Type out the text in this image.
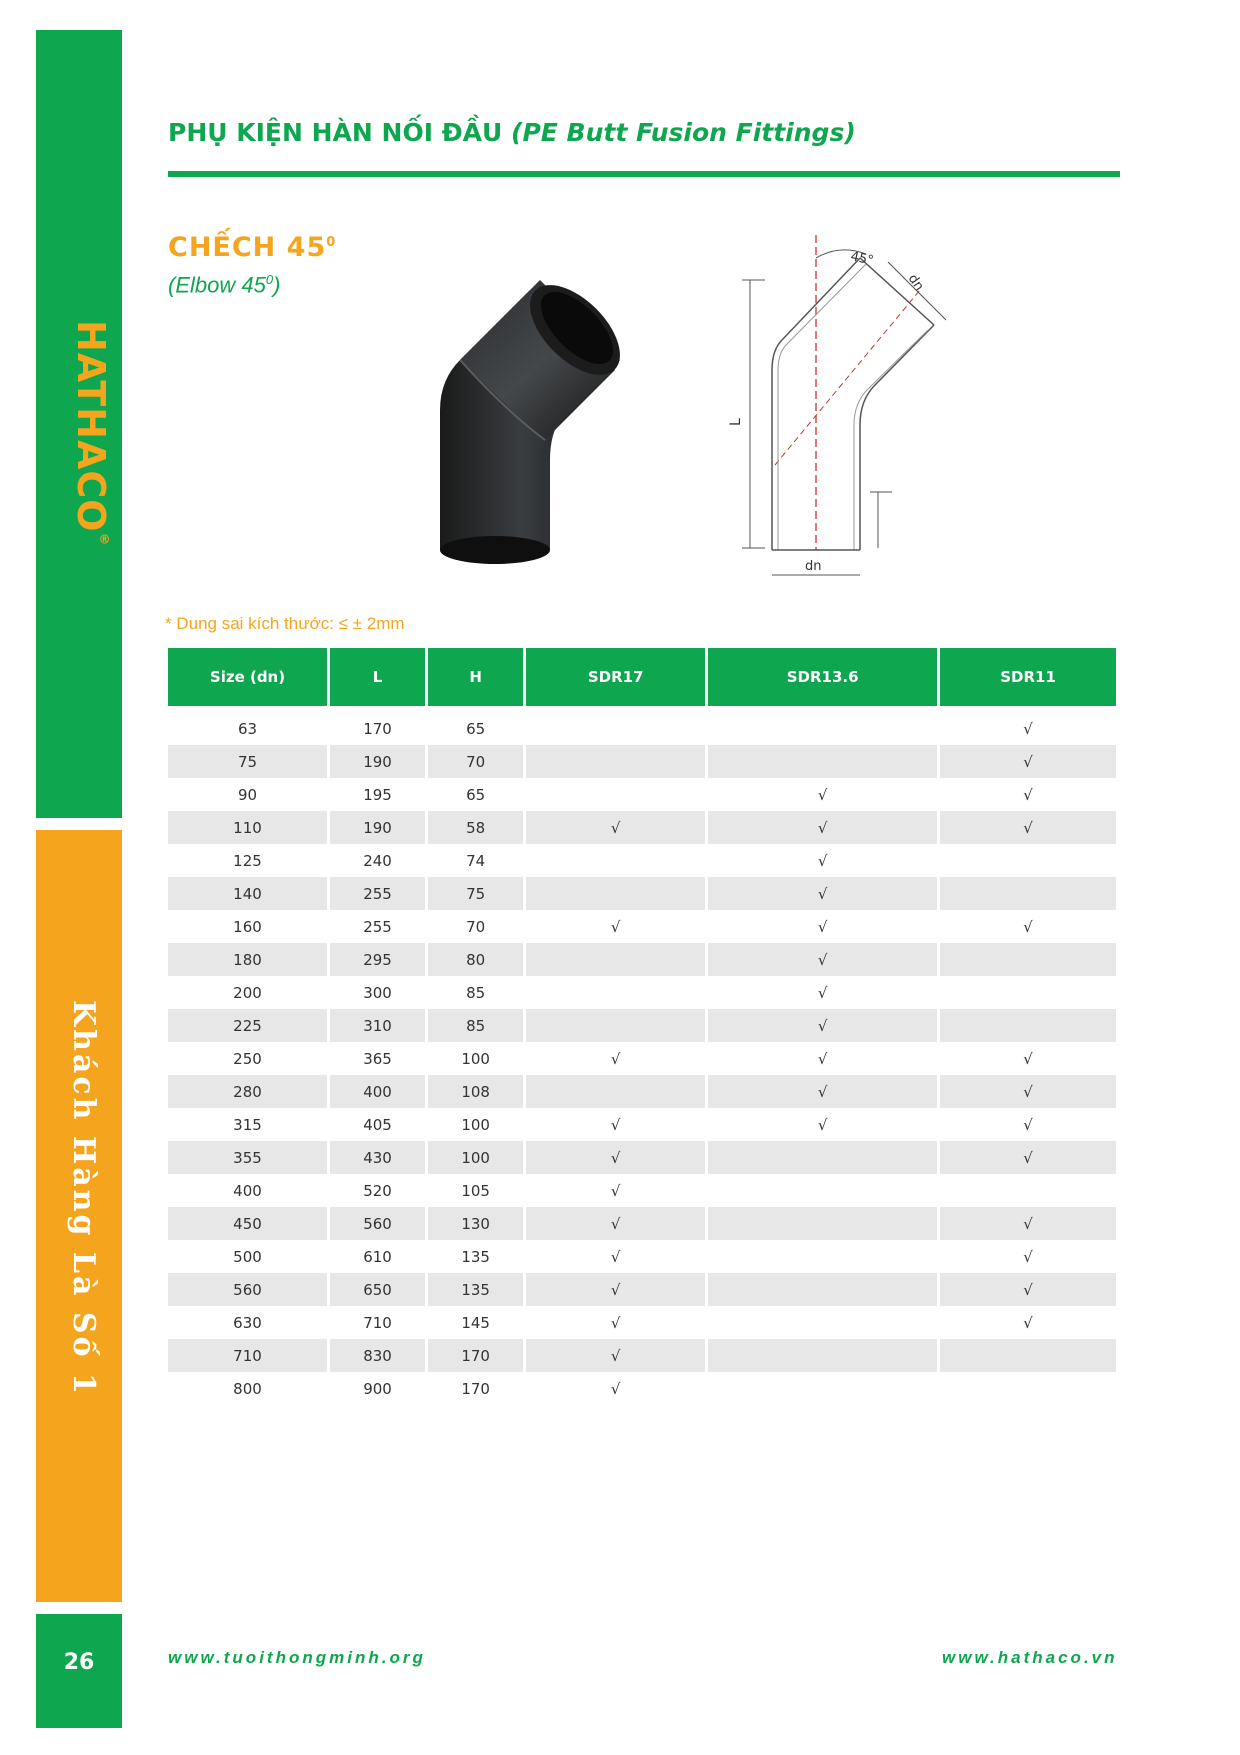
HATHACO®
Khách Hàng Là Số 1
26
PHỤ KIỆN HÀN NỐI ĐẦU (PE Butt Fusion Fittings)
CHẾCH $45^0$
(Elbow $45^0$)
L
dn
45°
dn
* Dung sai kích thước: ≤ ± 2mm
Size (dn)	L	H	SDR17	SDR13.6	SDR11

63	170	65			√
75	190	70			√
90	195	65		√	√
110	190	58	√	√	√
125	240	74		√	
140	255	75		√	
160	255	70	√	√	√
180	295	80		√	
200	300	85		√	
225	310	85		√	
250	365	100	√	√	√
280	400	108		√	√
315	405	100	√	√	√
355	430	100	√		√
400	520	105	√		
450	560	130	√		√
500	610	135	√		√
560	650	135	√		√
630	710	145	√		√
710	830	170	√		
800	900	170	√		
www.tuoithongminh.org	www.hathaco.vn
